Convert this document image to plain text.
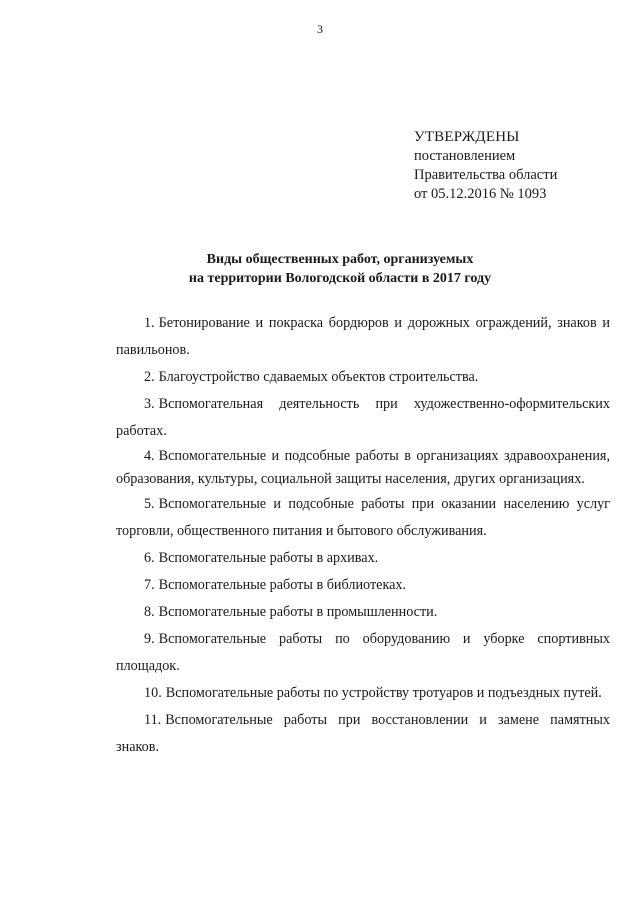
3
УТВЕРЖДЕНЫ
постановлением
Правительства области
от 05.12.2016 № 1093
Виды общественных работ, организуемых
на территории Вологодской области в 2017 году
1. Бетонирование и покраска бордюров и дорожных ограждений, знаков и павильонов.
2. Благоустройство сдаваемых объектов строительства.
3. Вспомогательная деятельность при художественно-оформительских работах.
4. Вспомогательные и подсобные работы в организациях здравоохранения, образования, культуры, социальной защиты населения, других организациях.
5. Вспомогательные и подсобные работы при оказании населению услуг торговли, общественного питания и бытового обслуживания.
6. Вспомогательные работы в архивах.
7. Вспомогательные работы в библиотеках.
8. Вспомогательные работы в промышленности.
9. Вспомогательные работы по оборудованию и уборке спортивных площадок.
10. Вспомогательные работы по устройству тротуаров и подъездных путей.
11. Вспомогательные работы при восстановлении и замене памятных знаков.
